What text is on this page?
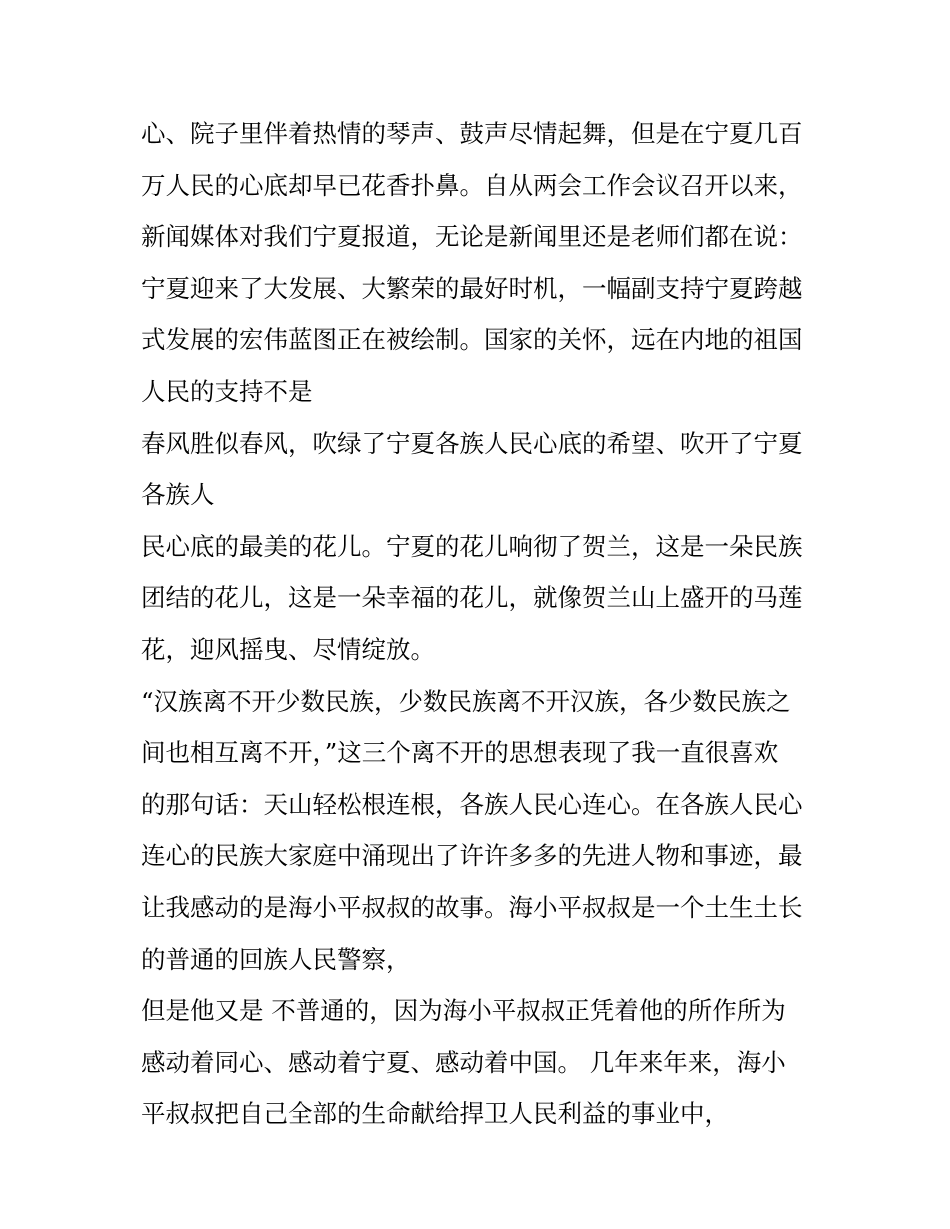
心、院子里伴着热情的琴声、鼓声尽情起舞，但是在宁夏几百
万人民的心底却早已花香扑鼻。自从两会工作会议召开以来，
新闻媒体对我们宁夏报道，无论是新闻里还是老师们都在说：
宁夏迎来了大发展、大繁荣的最好时机，一幅副支持宁夏跨越
式发展的宏伟蓝图正在被绘制。国家的关怀，远在内地的祖国
人民的支持不是
春风胜似春风，吹绿了宁夏各族人民心底的希望、吹开了宁夏
各族人
民心底的最美的花儿。宁夏的花儿响彻了贺兰，这是一朵民族
团结的花儿，这是一朵幸福的花儿，就像贺兰山上盛开的马莲
花，迎风摇曳、尽情绽放。
“汉族离不开少数民族，少数民族离不开汉族，各少数民族之
间也相互离不开，”这三个离不开的思想表现了我一直很喜欢
的那句话：天山轻松根连根，各族人民心连心。在各族人民心
连心的民族大家庭中涌现出了许许多多的先进人物和事迹，最
让我感动的是海小平叔叔的故事。海小平叔叔是一个土生土长
的普通的回族人民警察，
但是他又是 不普通的，因为海小平叔叔正凭着他的所作所为
感动着同心、感动着宁夏、感动着中国。 几年来年来，海小
平叔叔把自己全部的生命献给捍卫人民利益的事业中，
